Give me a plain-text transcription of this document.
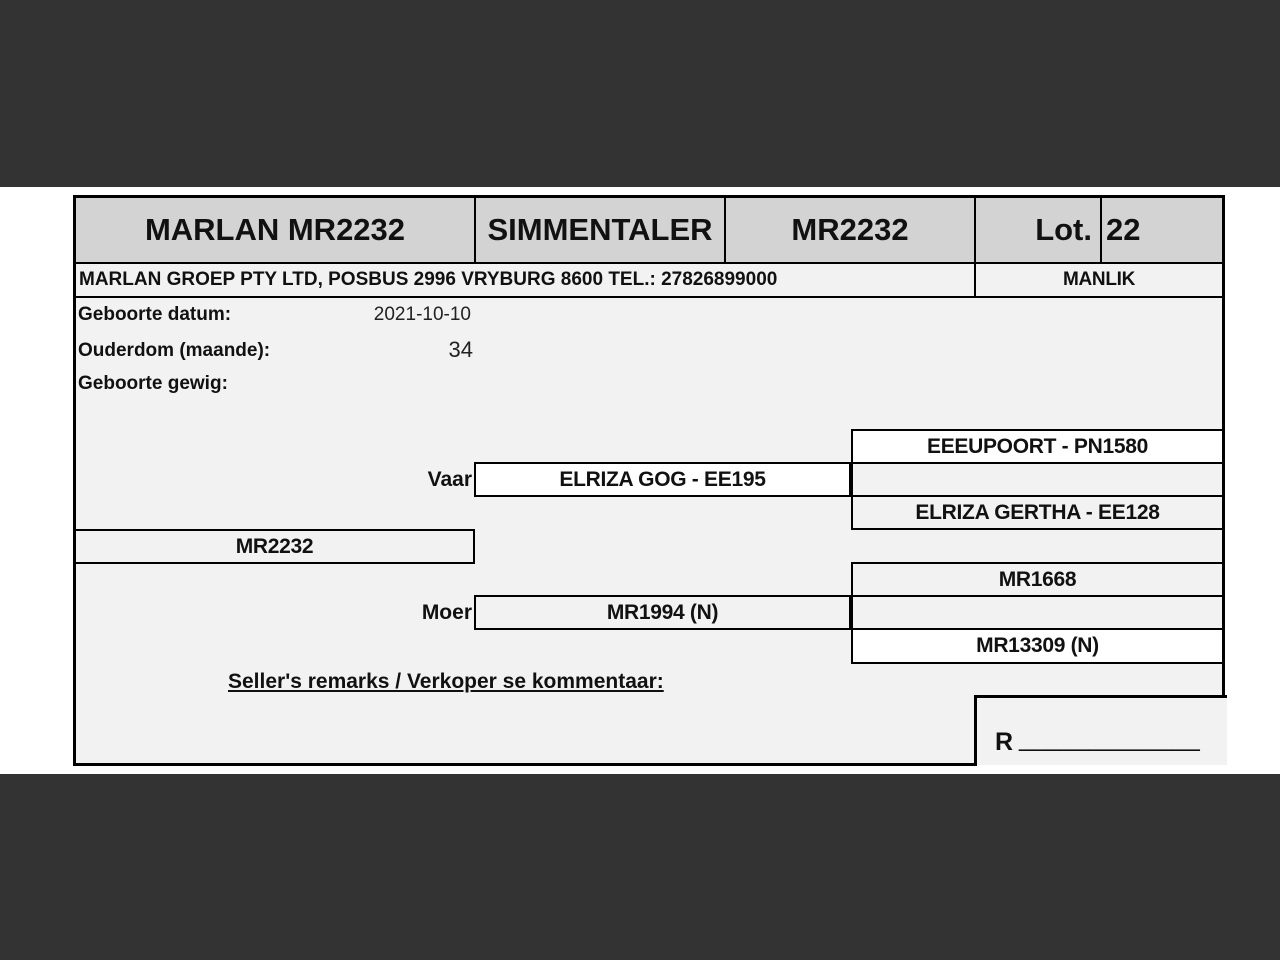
MARLAN MR2232	SIMMENTALER	MR2232	Lot. 22
MARLAN GROEP PTY LTD, POSBUS 2996 VRYBURG 8600 TEL.: 27826899000	MANLIK
Geboorte datum:	2021-10-10
Ouderdom (maande):	34
Geboorte gewig:
EEEUPOORT - PN1580
Vaar	ELRIZA GOG - EE195
ELRIZA GERTHA - EE128
MR2232
MR1668
Moer	MR1994 (N)
MR13309 (N)
Seller's remarks / Verkoper se kommentaar:
R _____________
